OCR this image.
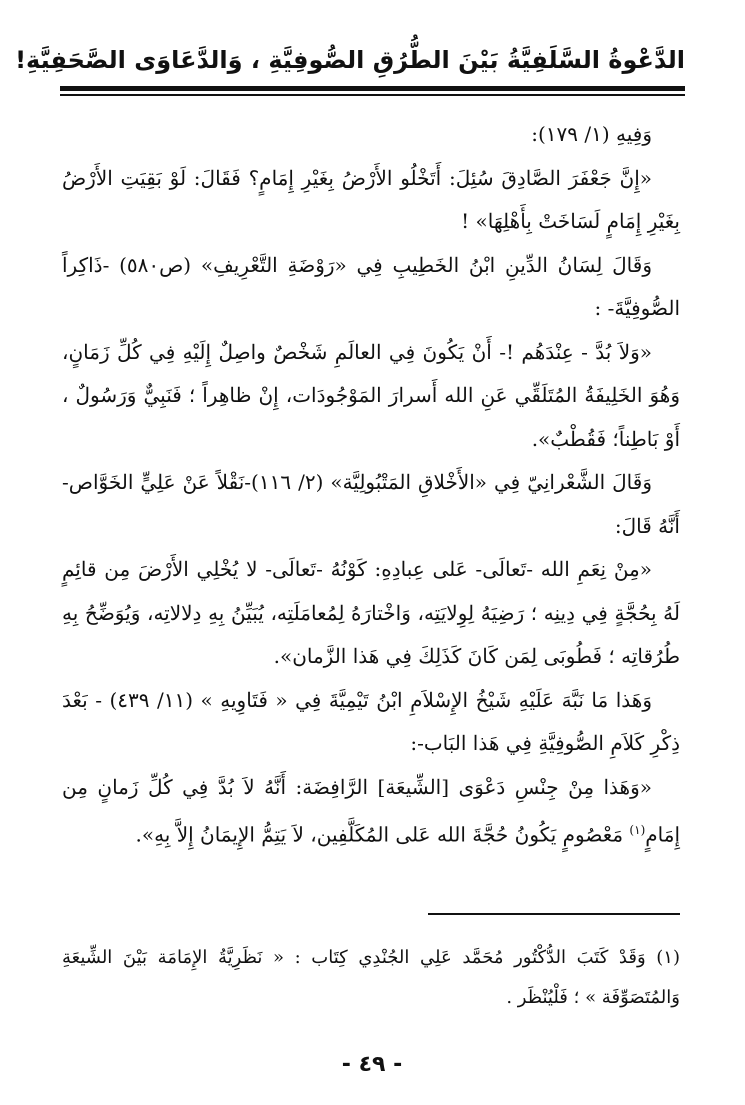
الدَّعْوةُ السَّلَفِيَّةُ بَيْنَ الطُّرُقِ الصُّوفِيَّةِ ، وَالدَّعَاوَى الصَّحَفِيَّةِ!

وَفِيهِ (١/ ١٧٩):

«إِنَّ جَعْفَرَ الصَّادِقَ سُئِلَ: أَتَخْلُو الأَرْضُ بِغَيْرِ إِمَامٍ؟ فَقَالَ: لَوْ بَقِيَتِ الأَرْضُ بِغَيْرِ إِمَامٍ لَسَاخَتْ بِأَهْلِهَا» !

وَقَالَ لِسَانُ الدِّينِ ابْنُ الخَطِيبِ فِي «رَوْضَةِ التَّعْرِيفِ» (ص٥٨٠) -ذَاكِراً الصُّوفِيَّةَ- :

«وَلاَ بُدَّ - عِنْدَهُم !- أَنْ يَكُونَ فِي العالَمِ شَخْصٌ واصِلٌ إِلَيْهِ فِي كُلِّ زَمَانٍ، وَهُوَ الخَلِيفَةُ المُتَلَقِّي عَنِ الله أَسرارَ المَوْجُودَات، إِنْ ظاهِراً ؛ فَنَبِيٌّ وَرَسُولٌ ، أَوْ بَاطِناً؛ فَقُطْبٌ».

وَقَالَ الشَّعْرانِيّ فِي «الأَخْلاقِ المَتْبُولِيَّة» (٢/ ١١٦)-نَقْلاً عَنْ عَلِيٍّ الخَوَّاص- أَنَّهُ قَالَ:

«مِنْ نِعَمِ الله -تَعالَى- عَلى عِبادِهِ: كَوْنُهُ -تَعالَى- لا يُخْلِي الأَرْضَ مِن قائِمٍ لَهُ بِحُجَّةٍ فِي دِينِه ؛ رَضِيَهُ لِوِلايَتِه، وَاخْتارَهُ لِمُعامَلَتِه، يُبَيِّنُ بِهِ دِلالاتِه، وَيُوَضِّحُ بِهِ طُرُقاتِه ؛ فَطُوبَى لِمَن كَانَ كَذَلِكَ فِي هَذا الزَّمان».

وَهَذا مَا نَبَّهَ عَلَيْهِ شَيْخُ الإِسْلاَمِ ابْنُ تَيْمِيَّةَ فِي « فَتَاوِيهِ » (١١/ ٤٣٩) - بَعْدَ ذِكْرِ كَلاَمِ الصُّوفِيَّةِ فِي هَذا البَاب-:

«وَهَذا مِنْ جِنْسِ دَعْوَى [الشِّيعَة] الرَّافِضَة: أَنَّهُ لاَ بُدَّ فِي كُلِّ زَمانٍ مِن إِمَامٍ$^{(١)}$ مَعْصُومٍ يَكُونُ حُجَّةَ الله عَلى المُكَلَّفِين، لاَ يَتِمُّ الإِيمَانُ إِلاَّ بِهِ».

(١) وَقَدْ كَتَبَ الدُّكْتُور مُحَمَّد عَلِي الجُنْدِي كِتَاب : « نَظَرِيَّةُ الإِمَامَة بَيْنَ الشِّيعَةِ وَالمُتَصَوِّفَة » ؛ فَلْيُنْظَر .

- ٤٩ -
